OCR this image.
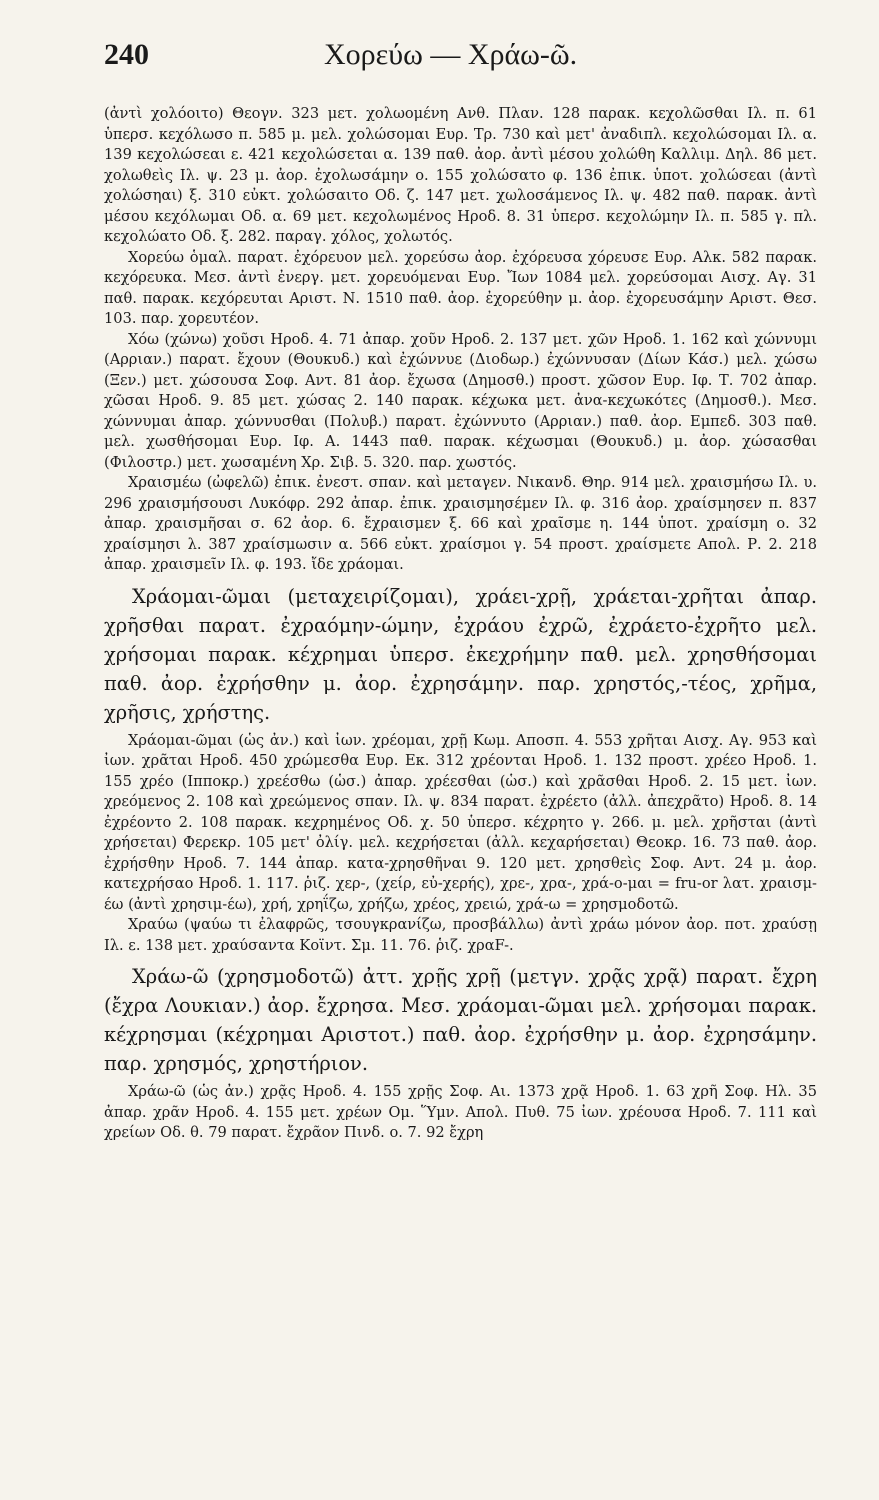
240	Χορεύω — Χράω-ῶ.

(ἀντὶ χολόοιτο) Θεογν. 323 μετ. χολωομένη Ανθ. Πλαν. 128 παρακ. κεχολῶσθαι Ιλ. π. 61 ὑπερσ. κεχόλωσο π. 585 μ. μελ. χολώσομαι Ευρ. Τρ. 730 καὶ μετ' ἀναδιπλ. κεχολώσομαι Ιλ. α. 139 κεχολώσεαι ε. 421 κεχολώσεται α. 139 παθ. ἀορ. ἀντὶ μέσου χολώθη Καλλιμ. Δηλ. 86 μετ. χολωθεὶς Ιλ. ψ. 23 μ. ἀορ. ἐχολωσάμην ο. 155 χολώσατο φ. 136 ἐπικ. ὑποτ. χολώσεαι (ἀντὶ χολώσηαι) ξ. 310 εὐκτ. χολώσαιτο Οδ. ζ. 147 μετ. χωλοσάμενος Ιλ. ψ. 482 παθ. παρακ. ἀντὶ μέσου κεχόλωμαι Οδ. α. 69 μετ. κεχολωμένος Ηροδ. 8. 31 ὑπερσ. κεχολώμην Ιλ. π. 585 γ. πλ. κεχολώατο Οδ. ξ. 282. παραγ. χόλος, χολωτός.

Χορεύω ὁμαλ. παρατ. ἐχόρευον μελ. χορεύσω ἀορ. ἐχόρευσα χόρευσε Ευρ. Αλκ. 582 παρακ. κεχόρευκα. Μεσ. ἀντὶ ἐνεργ. μετ. χορευόμεναι Ευρ. Ἴων 1084 μελ. χορεύσομαι Αισχ. Αγ. 31 παθ. παρακ. κεχόρευται Αριστ. Ν. 1510 παθ. ἀορ. ἐχορεύθην μ. ἀορ. ἐχορευσάμην Αριστ. Θεσ. 103. παρ. χορευτέον.

Χόω (χώνω) χοῦσι Ηροδ. 4. 71 ἀπαρ. χοῦν Ηροδ. 2. 137 μετ. χῶν Ηροδ. 1. 162 καὶ χώννυμι (Αρριαν.) παρατ. ἔχουν (Θουκυδ.) καὶ ἐχώννυε (Διοδωρ.) ἐχώννυσαν (Δίων Κάσ.) μελ. χώσω (Ξεν.) μετ. χώσουσα Σοφ. Αντ. 81 ἀορ. ἔχωσα (Δημοσθ.) προστ. χῶσον Ευρ. Ιφ. Τ. 702 ἀπαρ. χῶσαι Ηροδ. 9. 85 μετ. χώσας 2. 140 παρακ. κέχωκα μετ. ἀνα-κεχωκότες (Δημοσθ.). Μεσ. χώννυμαι ἀπαρ. χώννυσθαι (Πολυβ.) παρατ. ἐχώννυτο (Αρριαν.) παθ. ἀορ. Εμπεδ. 303 παθ. μελ. χωσθήσομαι Ευρ. Ιφ. Α. 1443 παθ. παρακ. κέχωσμαι (Θουκυδ.) μ. ἀορ. χώσασθαι (Φιλοστρ.) μετ. χωσαμένη Χρ. Σιβ. 5. 320. παρ. χωστός.

Χραισμέω (ὠφελῶ) ἐπικ. ἐνεστ. σπαν. καὶ μεταγεν. Νικανδ. Θηρ. 914 μελ. χραισμήσω Ιλ. υ. 296 χραισμήσουσι Λυκόφρ. 292 ἀπαρ. ἐπικ. χραισμησέμεν Ιλ. φ. 316 ἀορ. χραίσμησεν π. 837 ἀπαρ. χραισμῆσαι σ. 62 ἀορ. 6. ἔχραισμεν ξ. 66 καὶ χραῖσμε η. 144 ὑποτ. χραίσμη ο. 32 χραίσμησι λ. 387 χραίσμωσιν α. 566 εὐκτ. χραίσμοι γ. 54 προστ. χραίσμετε Απολ. Ρ. 2. 218 ἀπαρ. χραισμεῖν Ιλ. φ. 193. ἴδε χράομαι.

Χράομαι-ῶμαι (μεταχειρίζομαι), χράει-χρῇ, χράεται-χρῆται ἀπαρ. χρῆσθαι παρατ. ἐχραόμην-ώμην, ἐχράου ἐχρῶ, ἐχράετο-ἐχρῆτο μελ. χρήσομαι παρακ. κέχρημαι ὑπερσ. ἐκεχρήμην παθ. μελ. χρησθήσομαι παθ. ἀορ. ἐχρήσθην μ. ἀορ. ἐχρησάμην. παρ. χρηστός,-τέος, χρῆμα, χρῆσις, χρήστης.

Χράομαι-ῶμαι (ὡς ἀν.) καὶ ἰων. χρέομαι, χρῇ Κωμ. Αποσπ. 4. 553 χρῆται Αισχ. Αγ. 953 καὶ ἰων. χρᾶται Ηροδ. 450 χρώμεσθα Ευρ. Εκ. 312 χρέονται Ηροδ. 1. 132 προστ. χρέεο Ηροδ. 1. 155 χρέο (Ιπποκρ.) χρεέσθω (ὡσ.) ἀπαρ. χρέεσθαι (ὡσ.) καὶ χρᾶσθαι Ηροδ. 2. 15 μετ. ἰων. χρεόμενος 2. 108 καὶ χρεώμενος σπαν. Ιλ. ψ. 834 παρατ. ἐχρέετο (ἀλλ. ἀπεχρᾶτο) Ηροδ. 8. 14 ἐχρέοντο 2. 108 παρακ. κεχρημένος Οδ. χ. 50 ὑπερσ. κέχρητο γ. 266. μ. μελ. χρῆσται (ἀντὶ χρήσεται) Φερεκρ. 105 μετ' ὀλίγ. μελ. κεχρήσεται (ἀλλ. κεχαρήσεται) Θεοκρ. 16. 73 παθ. ἀορ. ἐχρήσθην Ηροδ. 7. 144 ἀπαρ. κατα-χρησθῆναι 9. 120 μετ. χρησθεὶς Σοφ. Αντ. 24 μ. ἀορ. κατεχρήσαο Ηροδ. 1. 117. ῥιζ. χερ-, (χείρ, εὐ-χερής), χρε-, χρα-, χρά-ο-μαι = fru-or λατ. χραισμ-έω (ἀντὶ χρησιμ-έω), χρή, χρηΐζω, χρήζω, χρέος, χρειώ, χρά-ω = χρησμοδοτῶ.

Χραύω (ψαύω τι ἐλαφρῶς, τσουγκρανίζω, προσβάλλω) ἀντὶ χράω μόνον ἀορ. ποτ. χραύσῃ Ιλ. ε. 138 μετ. χραύσαντα Κοϊντ. Σμ. 11. 76. ῥιζ. χραF-.

Χράω-ῶ (χρησμοδοτῶ) ἀττ. χρῇς χρῇ (μετγν. χρᾷς χρᾷ) παρατ. ἔχρη (ἔχρα Λουκιαν.) ἀορ. ἔχρησα. Μεσ. χράομαι-ῶμαι μελ. χρήσομαι παρακ. κέχρησμαι (κέχρημαι Αριστοτ.) παθ. ἀορ. ἐχρήσθην μ. ἀορ. ἐχρησάμην. παρ. χρησμός, χρηστήριον.

Χράω-ῶ (ὡς ἀν.) χρᾷς Ηροδ. 4. 155 χρῇς Σοφ. Αι. 1373 χρᾷ Ηροδ. 1. 63 χρῆ Σοφ. Ηλ. 35 ἀπαρ. χρᾶν Ηροδ. 4. 155 μετ. χρέων Ομ. Ὕμν. Απολ. Πυθ. 75 ἰων. χρέουσα Ηροδ. 7. 111 καὶ χρείων Οδ. θ. 79 παρατ. ἔχρᾶον Πινδ. ο. 7. 92 ἔχρη
